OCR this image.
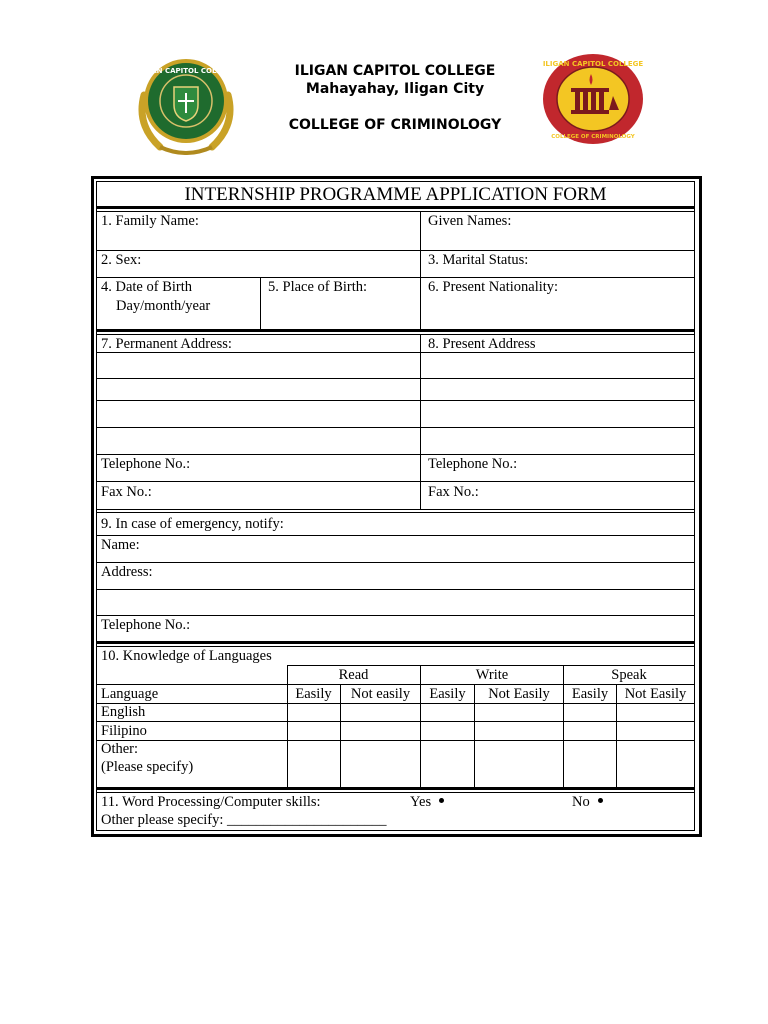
ILIGAN CAPITOL COLLEGE	ILIGAN CAPITOL COLLEGE
Mahayahay, Iligan City
COLLEGE OF CRIMINOLOGY
ILIGAN CAPITOL COLLEGE
COLLEGE OF CRIMINOLOGY
INTERNSHIP PROGRAMME APPLICATION FORM
1. Family Name:	Given Names:
2. Sex:	3. Marital Status:
4. Date of Birth
Day/month/year
5. Place of Birth:	6. Present Nationality:
7. Permanent Address:	8. Present Address
Telephone No.:	Telephone No.:
Fax No.:	Fax No.:
9. In case of emergency, notify:
Name:
Address:
Telephone No.:
10. Knowledge of Languages
Read	Write	Speak
Language	Easily	Not easily	Easily	Not Easily	Easily	Not Easily
English
Filipino
Other:
(Please specify)
11. Word Processing/Computer skills:	Yes	No
Other please specify: ______________________
